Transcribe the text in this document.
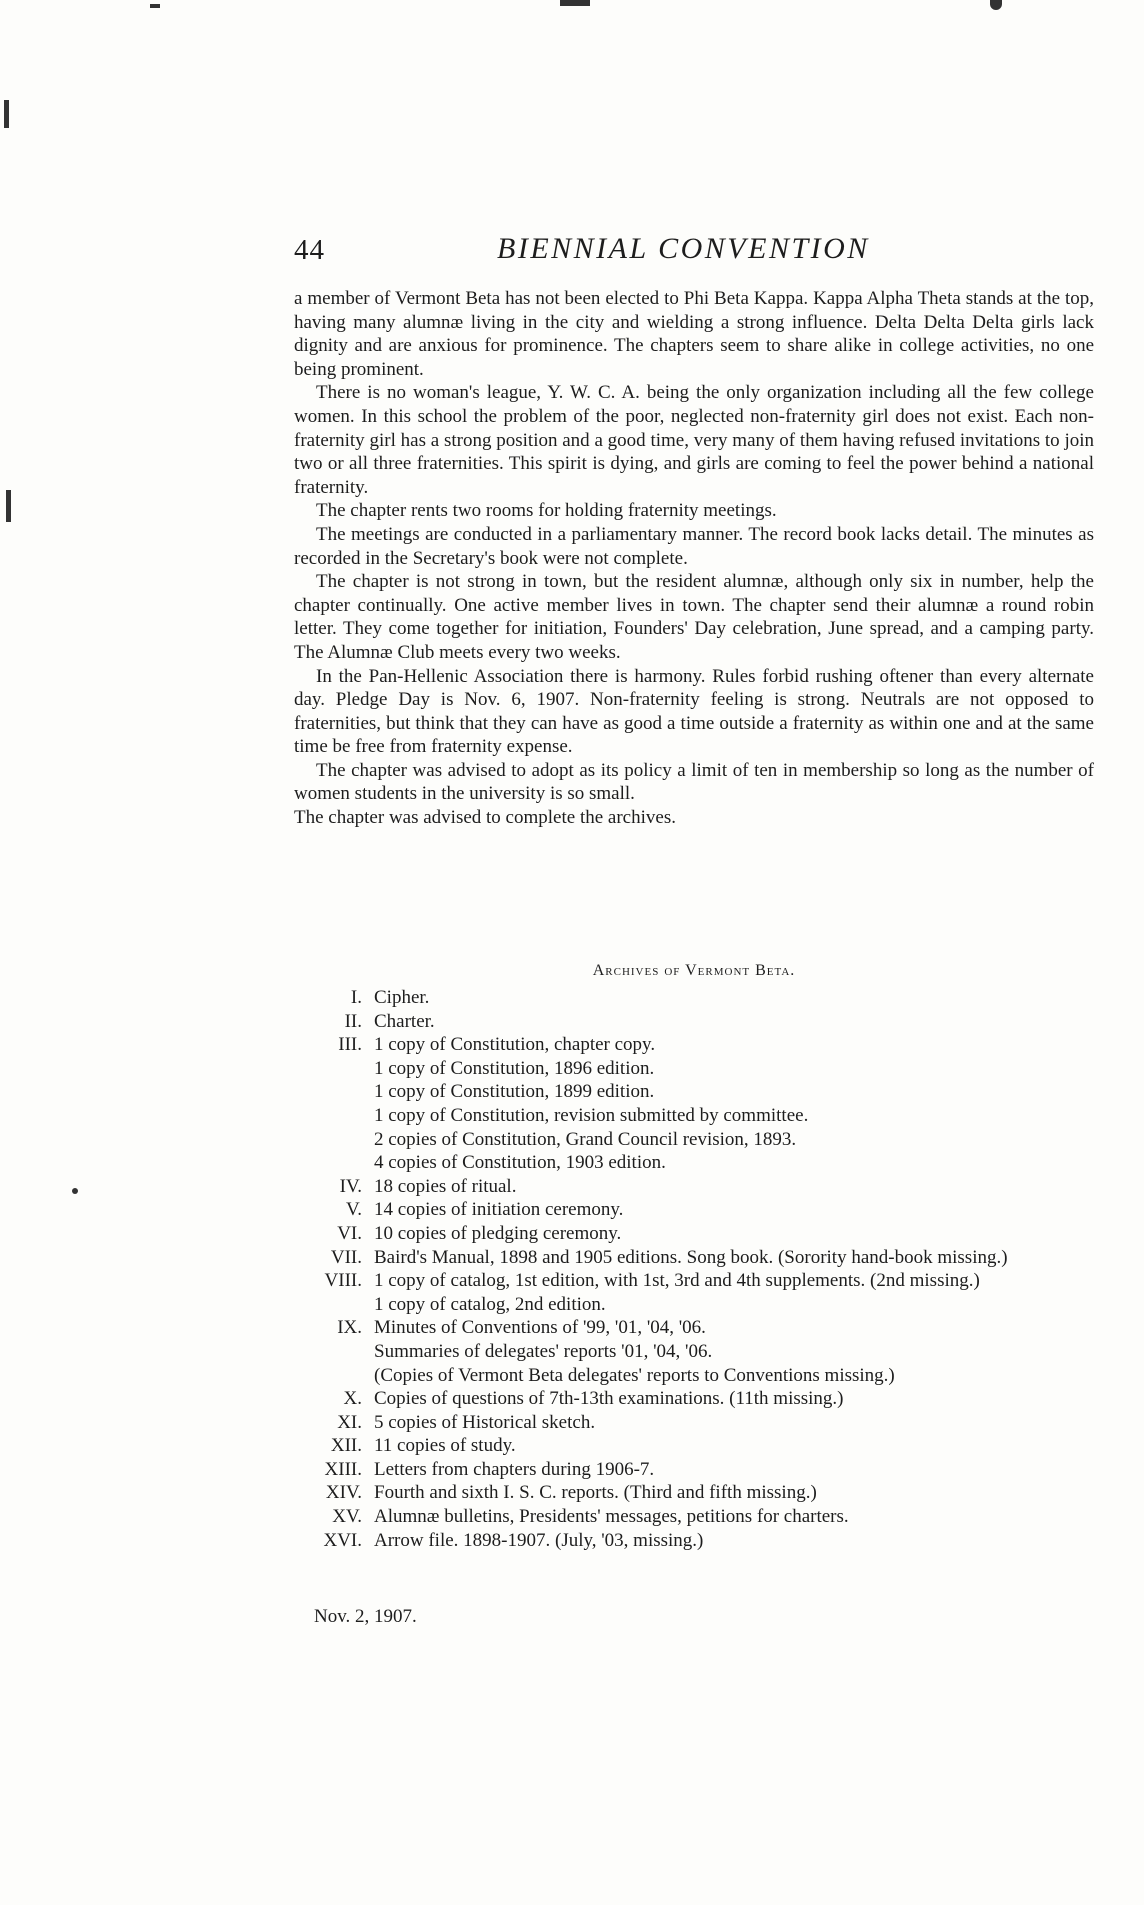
44	BIENNIAL CONVENTION

a member of Vermont Beta has not been elected to Phi Beta Kappa. Kappa Alpha Theta stands at the top, having many alumnæ living in the city and wielding a strong influence. Delta Delta Delta girls lack dignity and are anxious for prominence. The chapters seem to share alike in college activities, no one being prominent.

There is no woman's league, Y. W. C. A. being the only organization including all the few college women. In this school the problem of the poor, neglected non-fraternity girl does not exist. Each non-fraternity girl has a strong position and a good time, very many of them having refused invitations to join two or all three fraternities. This spirit is dying, and girls are coming to feel the power behind a national fraternity.

The chapter rents two rooms for holding fraternity meetings.

The meetings are conducted in a parliamentary manner. The record book lacks detail. The minutes as recorded in the Secretary's book were not complete.

The chapter is not strong in town, but the resident alumnæ, although only six in number, help the chapter continually. One active member lives in town. The chapter send their alumnæ a round robin letter. They come together for initiation, Founders' Day celebration, June spread, and a camping party. The Alumnæ Club meets every two weeks.

In the Pan-Hellenic Association there is harmony. Rules forbid rushing oftener than every alternate day. Pledge Day is Nov. 6, 1907. Non-fraternity feeling is strong. Neutrals are not opposed to fraternities, but think that they can have as good a time outside a fraternity as within one and at the same time be free from fraternity expense.

The chapter was advised to adopt as its policy a limit of ten in membership so long as the number of women students in the university is so small.

The chapter was advised to complete the archives.

Archives of Vermont Beta.
I. Cipher.
II. Charter.
III. 1 copy of Constitution, chapter copy.
1 copy of Constitution, 1896 edition.
1 copy of Constitution, 1899 edition.
1 copy of Constitution, revision submitted by committee.
2 copies of Constitution, Grand Council revision, 1893.
4 copies of Constitution, 1903 edition.
IV. 18 copies of ritual.
V. 14 copies of initiation ceremony.
VI. 10 copies of pledging ceremony.
VII. Baird's Manual, 1898 and 1905 editions. Song book. (Sorority hand-book missing.)
VIII. 1 copy of catalog, 1st edition, with 1st, 3rd and 4th supplements. (2nd missing.)
1 copy of catalog, 2nd edition.
IX. Minutes of Conventions of '99, '01, '04, '06.
Summaries of delegates' reports '01, '04, '06.
(Copies of Vermont Beta delegates' reports to Conventions missing.)
X. Copies of questions of 7th-13th examinations. (11th missing.)
XI. 5 copies of Historical sketch.
XII. 11 copies of study.
XIII. Letters from chapters during 1906-7.
XIV. Fourth and sixth I. S. C. reports. (Third and fifth missing.)
XV. Alumnæ bulletins, Presidents' messages, petitions for charters.
XVI. Arrow file. 1898-1907. (July, '03, missing.)
Nov. 2, 1907.
